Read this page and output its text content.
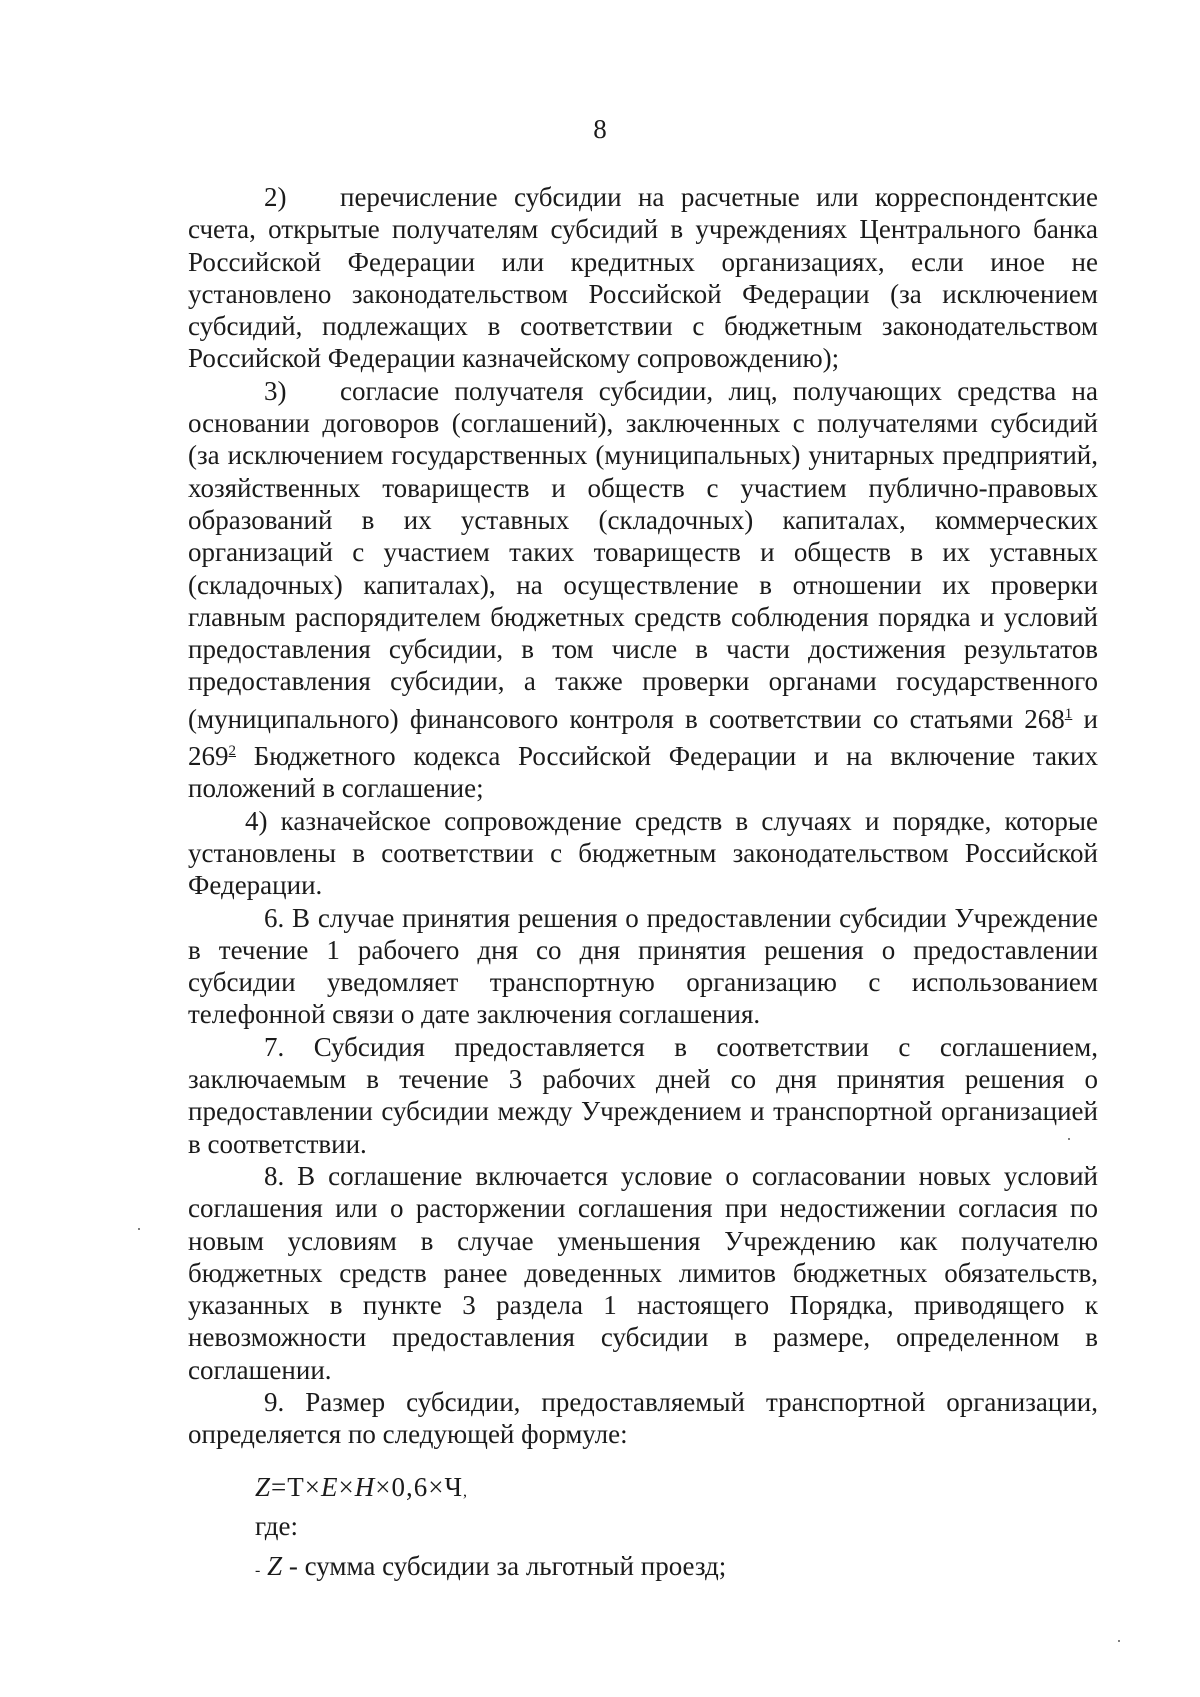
8

2) перечисление субсидии на расчетные или корреспондентские счета, открытые получателям субсидий в учреждениях Центрального банка Российской Федерации или кредитных организациях, если иное не установлено законодательством Российской Федерации (за исключением субсидий, подлежащих в соответствии с бюджетным законодательством Российской Федерации казначейскому сопровождению);

3) согласие получателя субсидии, лиц, получающих средства на основании договоров (соглашений), заключенных с получателями субсидий (за исключением государственных (муниципальных) унитарных предприятий, хозяйственных товариществ и обществ с участием публично-правовых образований в их уставных (складочных) капиталах, коммерческих организаций с участием таких товариществ и обществ в их уставных (складочных) капиталах), на осуществление в отношении их проверки главным распорядителем бюджетных средств соблюдения порядка и условий предоставления субсидии, в том числе в части достижения результатов предоставления субсидии, а также проверки органами государственного (муниципального) финансового контроля в соответствии со статьями 268$^1$ и 269$^2$ Бюджетного кодекса Российской Федерации и на включение таких положений в соглашение;

4) казначейское сопровождение средств в случаях и порядке, которые установлены в соответствии с бюджетным законодательством Российской Федерации.

6. В случае принятия решения о предоставлении субсидии Учреждение в течение 1 рабочего дня со дня принятия решения о предоставлении субсидии уведомляет транспортную организацию с использованием телефонной связи о дате заключения соглашения.

7. Субсидия предоставляется в соответствии с соглашением, заключаемым в течение 3 рабочих дней со дня принятия решения о предоставлении субсидии между Учреждением и транспортной организацией в соответствии.

8. В соглашение включается условие о согласовании новых условий соглашения или о расторжении соглашения при недостижении согласия по новым условиям в случае уменьшения Учреждению как получателю бюджетных средств ранее доведенных лимитов бюджетных обязательств, указанных в пункте 3 раздела 1 настоящего Порядка, приводящего к невозможности предоставления субсидии в размере, определенном в соглашении.

9. Размер субсидии, предоставляемый транспортной организации, определяется по следующей формуле:

Z=Т×E×H×0,6×Ч,
где:
- Z - сумма субсидии за льготный проезд;
